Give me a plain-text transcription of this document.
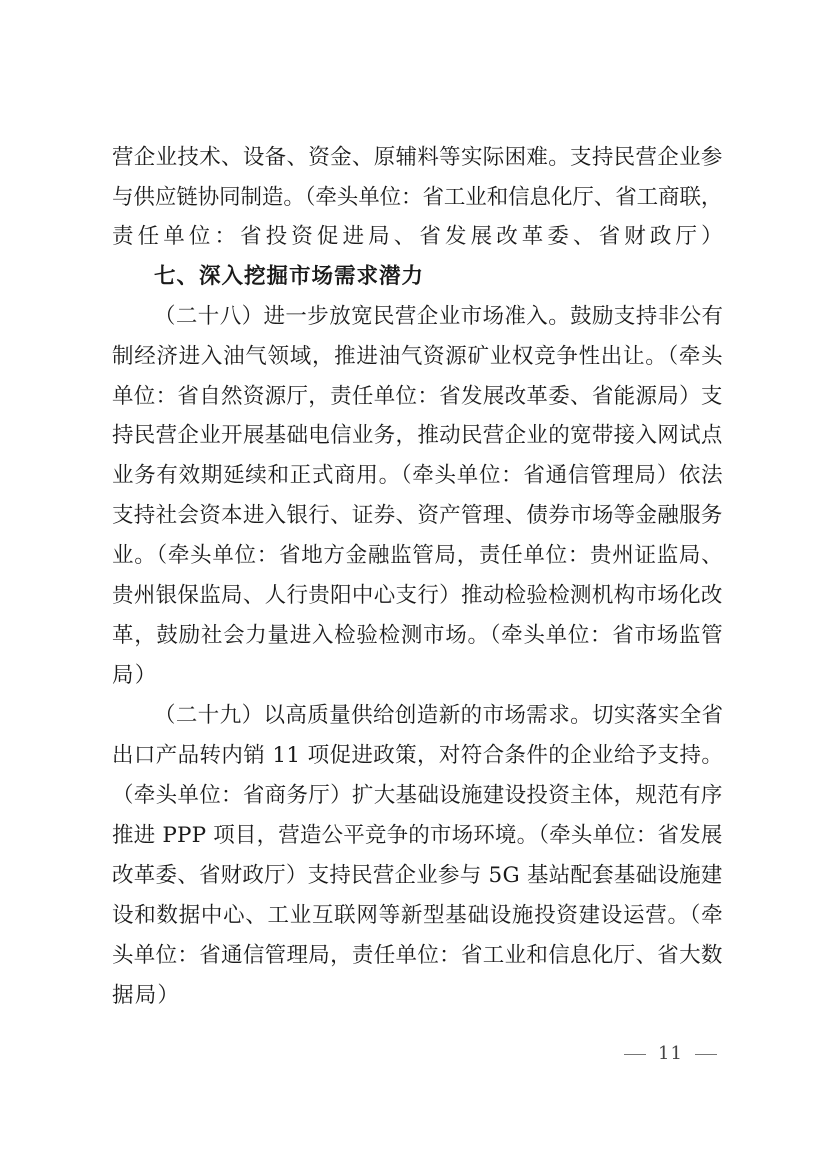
营企业技术、设备、资金、原辅料等实际困难。支持民营企业参
与供应链协同制造。（牵头单位：省工业和信息化厅、省工商联，
责任单位：省投资促进局、省发展改革委、省财政厅）
七、深入挖掘市场需求潜力
（二十八）进一步放宽民营企业市场准入。鼓励支持非公有
制经济进入油气领域，推进油气资源矿业权竞争性出让。（牵头
单位：省自然资源厅，责任单位：省发展改革委、省能源局）支
持民营企业开展基础电信业务，推动民营企业的宽带接入网试点
业务有效期延续和正式商用。（牵头单位：省通信管理局）依法
支持社会资本进入银行、证券、资产管理、债券市场等金融服务
业。（牵头单位：省地方金融监管局，责任单位：贵州证监局、
贵州银保监局、人行贵阳中心支行）推动检验检测机构市场化改
革，鼓励社会力量进入检验检测市场。（牵头单位：省市场监管
局）
（二十九）以高质量供给创造新的市场需求。切实落实全省
出口产品转内销 11 项促进政策，对符合条件的企业给予支持。
（牵头单位：省商务厅）扩大基础设施建设投资主体，规范有序
推进 PPP 项目，营造公平竞争的市场环境。（牵头单位：省发展
改革委、省财政厅）支持民营企业参与 5G 基站配套基础设施建
设和数据中心、工业互联网等新型基础设施投资建设运营。（牵
头单位：省通信管理局，责任单位：省工业和信息化厅、省大数
据局）
11
